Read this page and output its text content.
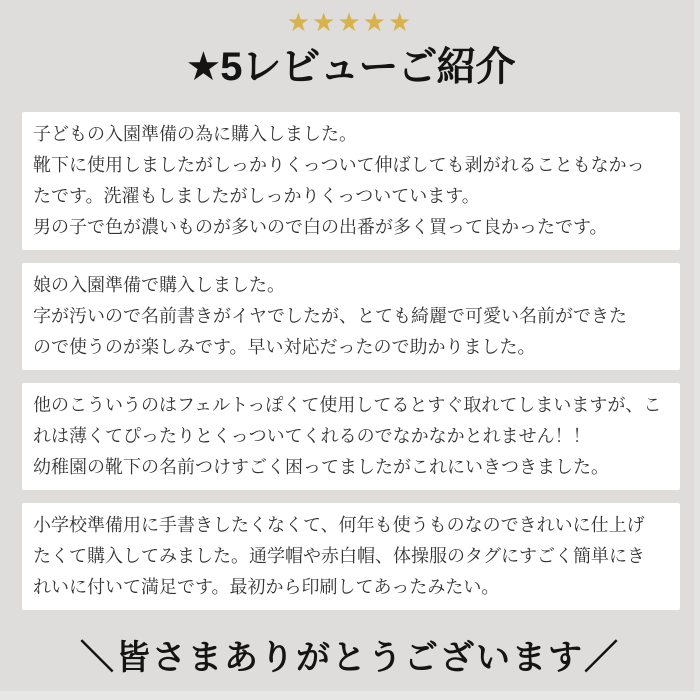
★★★★★
★5レビューご紹介

子どもの入園準備の為に購入しました。

靴下に使用しましたがしっかりくっついて伸ばしても剥がれることもなかっ

たです。洗濯もしましたがしっかりくっついています。

男の子で色が濃いものが多いので白の出番が多く買って良かったです。

娘の入園準備で購入しました。

字が汚いので名前書きがイヤでしたが、とても綺麗で可愛い名前ができた

ので使うのが楽しみです。早い対応だったので助かりました。

他のこういうのはフェルトっぽくて使用してるとすぐ取れてしまいますが、こ

れは薄くてぴったりとくっついてくれるのでなかなかとれません！！

幼稚園の靴下の名前つけすごく困ってましたがこれにいきつきました。

小学校準備用に手書きしたくなくて、何年も使うものなのできれいに仕上げ

たくて購入してみました。通学帽や赤白帽、体操服のタグにすごく簡単にき

れいに付いて満足です。最初から印刷してあったみたい。

＼皆さまありがとうございます／
